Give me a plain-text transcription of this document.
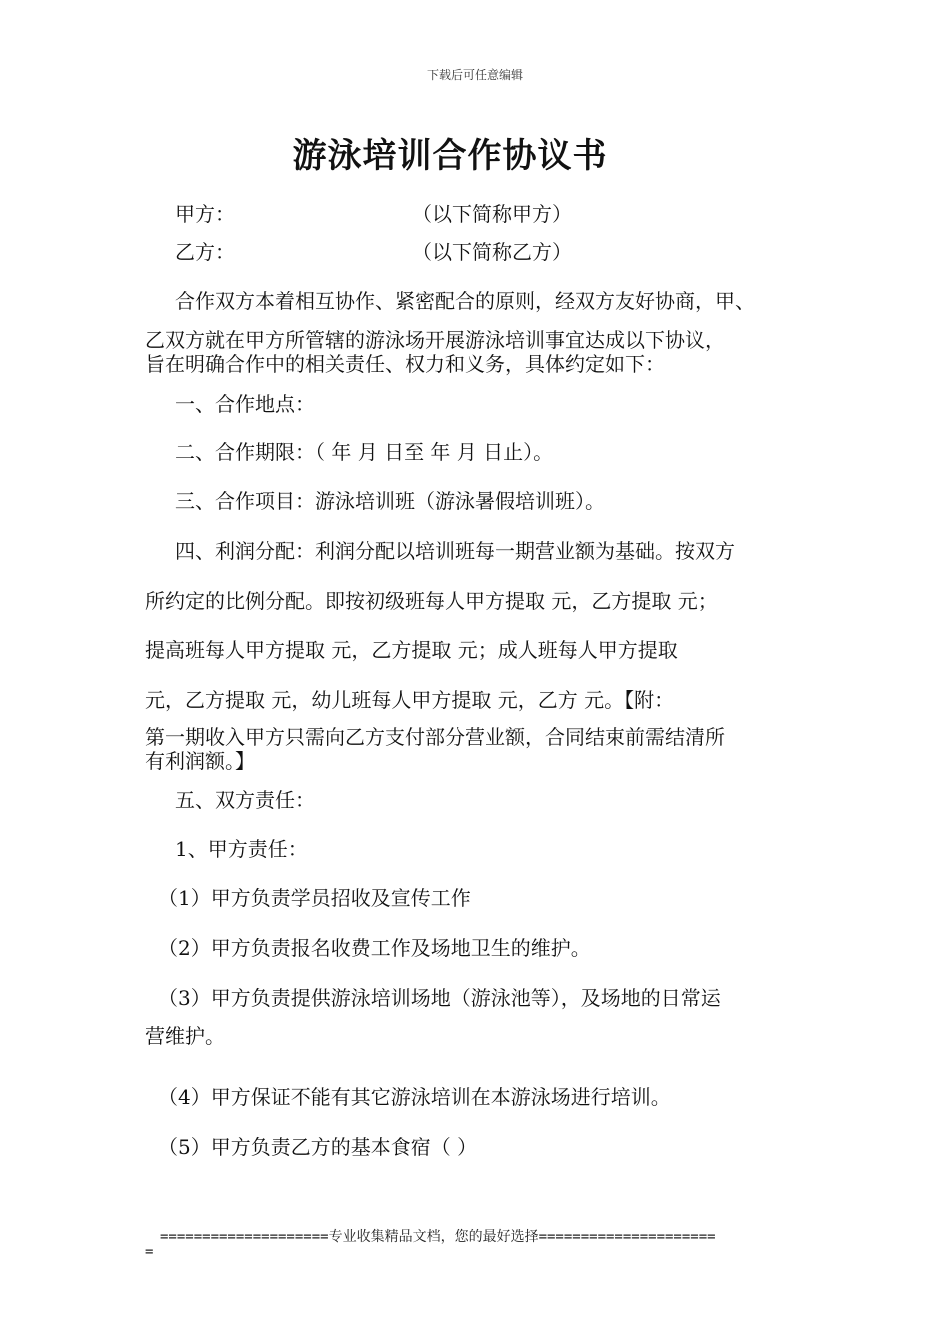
下载后可任意编辑
游泳培训合作协议书
甲方：	（以下简称甲方）
乙方：	（以下简称乙方）
合作双方本着相互协作、紧密配合的原则，经双方友好协商，甲、
乙双方就在甲方所管辖的游泳场开展游泳培训事宜达成以下协议，
旨在明确合作中的相关责任、权力和义务，具体约定如下：
一、合作地点：
二、合作期限：（ 年 月 日至 年 月 日止）。
三、合作项目：游泳培训班（游泳暑假培训班）。
四、利润分配：利润分配以培训班每一期营业额为基础。按双方
所约定的比例分配。即按初级班每人甲方提取 元，乙方提取 元；
提高班每人甲方提取 元，乙方提取 元；成人班每人甲方提取
元，乙方提取 元，幼儿班每人甲方提取 元，乙方 元。【附：
第一期收入甲方只需向乙方支付部分营业额，合同结束前需结清所
有利润额。】
五、双方责任：
1、甲方责任：
（1）甲方负责学员招收及宣传工作
（2）甲方负责报名收费工作及场地卫生的维护。
（3）甲方负责提供游泳培训场地（游泳池等），及场地的日常运
营维护。
（4）甲方保证不能有其它游泳培训在本游泳场进行培训。
（5）甲方负责乙方的基本食宿（ ）
====================专业收集精品文档，您的最好选择=====================
=
